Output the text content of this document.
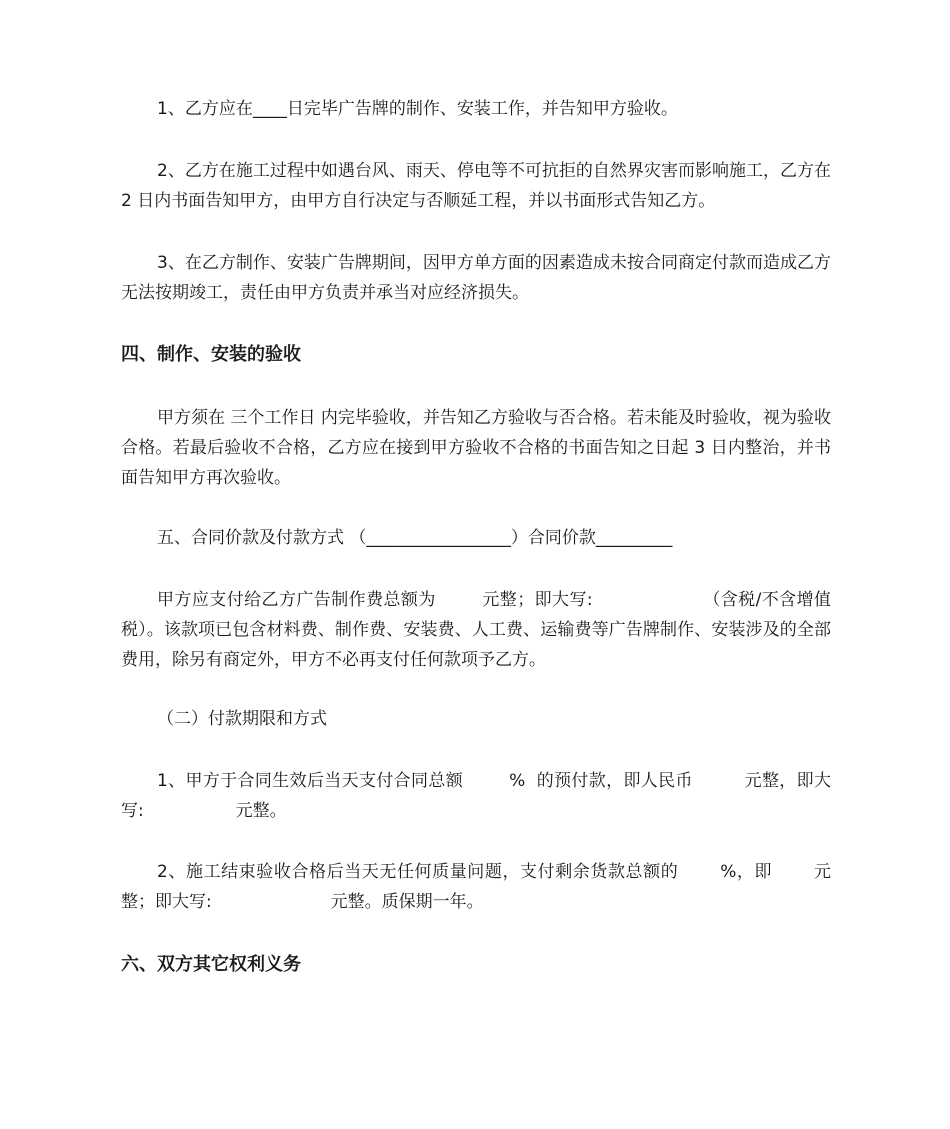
1、乙方应在____日完毕广告牌的制作、安装工作，并告知甲方验收。

2、乙方在施工过程中如遇台风、雨天、停电等不可抗拒的自然界灾害而影响施工，乙方在 2 日内书面告知甲方，由甲方自行决定与否顺延工程，并以书面形式告知乙方。

3、在乙方制作、安装广告牌期间，因甲方单方面的因素造成未按合同商定付款而造成乙方无法按期竣工，责任由甲方负责并承当对应经济损失。

四、制作、安装的验收

甲方须在 三个工作日 内完毕验收，并告知乙方验收与否合格。若未能及时验收，视为验收合格。若最后验收不合格，乙方应在接到甲方验收不合格的书面告知之日起 3 日内整治，并书面告知甲方再次验收。

五、合同价款及付款方式 （_________________）合同价款_________

甲方应支付给乙方广告制作费总额为        元整；即大写:                   （含税/不含增值税）。该款项已包含材料费、制作费、安装费、人工费、运输费等广告牌制作、安装涉及的全部费用，除另有商定外，甲方不必再支付任何款项予乙方。

（二）付款期限和方式

1、甲方于合同生效后当天支付合同总额        %  的预付款，即人民币         元整，即大写:                 元整。

2、施工结束验收合格后当天无任何质量问题，支付剩余货款总额的       %，即       元整；即大写:                      元整。质保期一年。

六、双方其它权利义务
